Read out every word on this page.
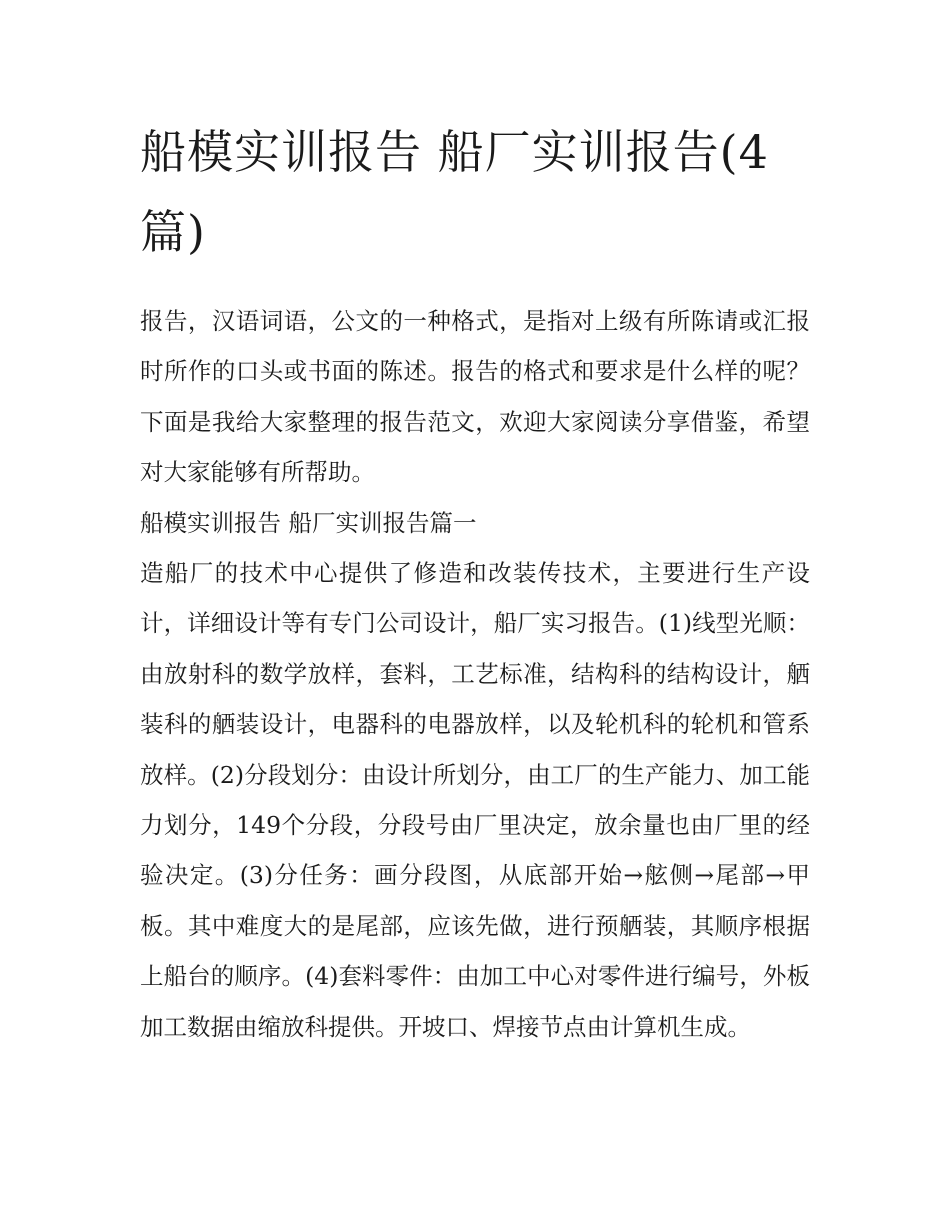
船模实训报告 船厂实训报告(4篇)

报告，汉语词语，公文的一种格式，是指对上级有所陈请或汇报时所作的口头或书面的陈述。报告的格式和要求是什么样的呢？下面是我给大家整理的报告范文，欢迎大家阅读分享借鉴，希望对大家能够有所帮助。

船模实训报告 船厂实训报告篇一

造船厂的技术中心提供了修造和改装传技术，主要进行生产设计，详细设计等有专门公司设计，船厂实习报告。(1)线型光顺：由放射科的数学放样，套料，工艺标准，结构科的结构设计，舾装科的舾装设计，电器科的电器放样，以及轮机科的轮机和管系放样。(2)分段划分：由设计所划分，由工厂的生产能力、加工能力划分，149个分段，分段号由厂里决定，放余量也由厂里的经验决定。(3)分任务：画分段图，从底部开始→舷侧→尾部→甲板。其中难度大的是尾部，应该先做，进行预舾装，其顺序根据上船台的顺序。(4)套料零件：由加工中心对零件进行编号，外板加工数据由缩放科提供。开坡口、焊接节点由计算机生成。
